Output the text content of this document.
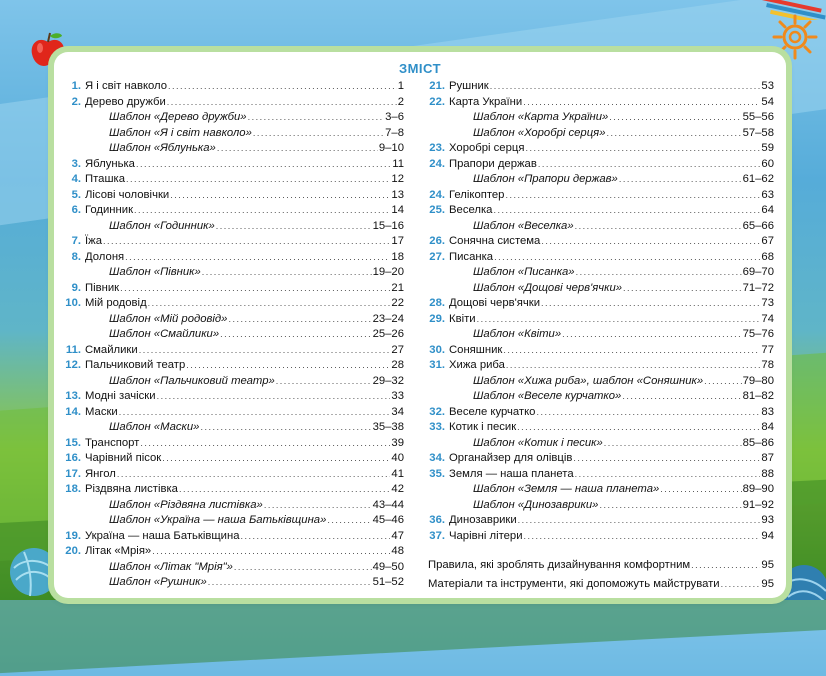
ЗМІСТ
1. Я і світ навколо .....	1
2. Дерево дружби .....	2
Шаблон «Дерево дружби» .....	3–6
Шаблон «Я і світ навколо» .....	7–8
Шаблон «Яблунька» .....	9–10
3. Яблунька .....	11
4. Пташка .....	12
5. Лісові чоловічки .....	13
6. Годинник .....	14
Шаблон «Годинник» .....	15–16
7. Їжа .....	17
8. Долоня .....	18
Шаблон «Півник» .....	19–20
9. Півник .....	21
10. Мій родовід .....	22
Шаблон «Мій родовід» .....	23–24
Шаблон «Смайлики» .....	25–26
11. Смайлики .....	27
12. Пальчиковий театр .....	28
Шаблон «Пальчиковий театр» .....	29–32
13. Модні зачіски .....	33
14. Маски .....	34
Шаблон «Маски» .....	35–38
15. Транспорт .....	39
16. Чарівний пісок .....	40
17. Янгол .....	41
18. Різдвяна листівка .....	42
Шаблон «Різдвяна листівка» .....	43–44
Шаблон «Україна — наша Батьківщина» .....	45–46
19. Україна — наша Батьківщина .....	47
20. Літак «Мрія» .....	48
Шаблон «Літак "Мрія"» .....	49–50
Шаблон «Рушник» .....	51–52
21. Рушник .....	53
22. Карта України .....	54
Шаблон «Карта України» .....	55–56
Шаблон «Хоробрі серця» .....	57–58
23. Хоробрі серця .....	59
24. Прапори держав .....	60
Шаблон «Прапори держав» .....	61–62
24. Гелікоптер .....	63
25. Веселка .....	64
Шаблон «Веселка» .....	65–66
26. Сонячна система .....	67
27. Писанка .....	68
Шаблон «Писанка» .....	69–70
Шаблон «Дощові черв'ячки» .....	71–72
28. Дощові черв'ячки .....	73
29. Квіти .....	74
Шаблон «Квіти» .....	75–76
30. Соняшник .....	77
31. Хижа риба .....	78
Шаблон «Хижа риба», шаблон «Соняшник» .....	79–80
Шаблон «Веселе курчатко» .....	81–82
32. Веселе курчатко .....	83
33. Котик і песик .....	84
Шаблон «Котик і песик» .....	85–86
34. Органайзер для олівців .....	87
35. Земля — наша планета .....	88
Шаблон «Земля — наша планета» .....	89–90
Шаблон «Динозаврики» .....	91–92
36. Динозаврики .....	93
37. Чарівні літери .....	94
Правила, які зроблять дизайнування комфортним .....	95
Матеріали та інструменти, які допоможуть майструвати .....	95
